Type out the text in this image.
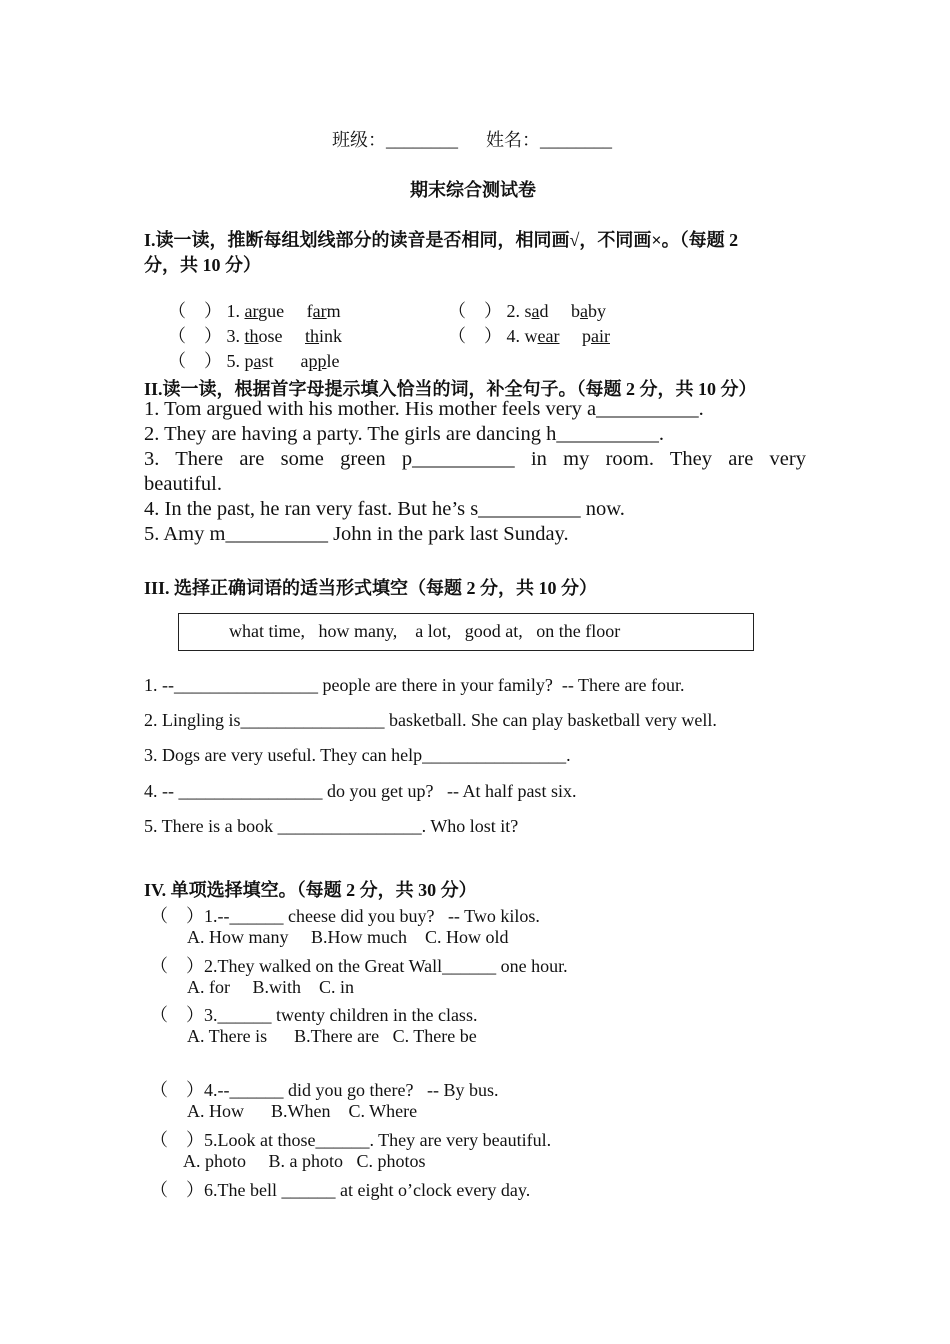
班级：________ 姓名：________
期末综合测试卷
I.读一读，推断每组划线部分的读音是否相同，相同画√，不同画×。（每题 2
分，共 10 分）

（　） 1. argue farm
	（　） 2. sad baby

（　） 3. those think
	（　） 4. wear pair

（　） 5. past apple

II.读一读，根据首字母提示填入恰当的词，补全句子。（每题 2 分，共 10 分）
1. Tom argued with his mother. His mother feels very a__________.
2. They are having a party. The girls are dancing h__________.
3. There are some green p__________ in my room. They are very
beautiful.
4. In the past, he ran very fast. But he’s s__________ now.
5. Amy m__________ John in the park last Sunday.
III. 选择正确词语的适当形式填空（每题 2 分，共 10 分）
what time,   how many,    a lot,   good at,   on the floor
1. --________________ people are there in your family?  -- There are four.
2. Lingling is________________ basketball. She can play basketball very well.
3. Dogs are very useful. They can help________________.
4. -- ________________ do you get up?   -- At half past six.
5. There is a book ________________. Who lost it?
IV. 单项选择填空。（每题 2 分，共 30 分）
（　）1.--______ cheese did you buy?   -- Two kilos.
A. How many     B.How much    C. How old
（　）2.They walked on the Great Wall______ one hour.
A. for     B.with    C. in
（　）3.______ twenty children in the class.
A. There is      B.There are   C. There be
（　）4.--______ did you go there?   -- By bus.
A. How      B.When    C. Where
（　）5.Look at those______. They are very beautiful.
A. photo     B. a photo   C. photos
（　）6.The bell ______ at eight o’clock every day.
